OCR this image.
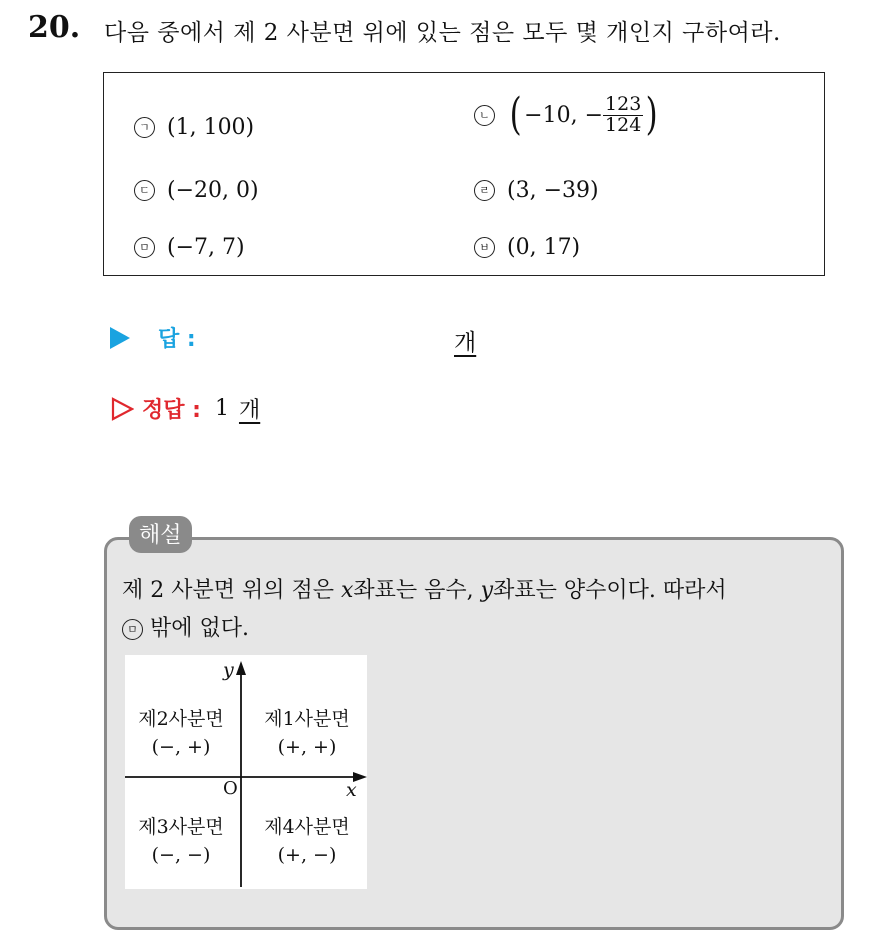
20. 다음 중에서 제 2 사분면 위에 있는 점은 모두 몇 개인지 구하여라.
ㄱ (1, 100)	ㄴ ( −10, − $\frac{123}{124}$ )
ㄷ (−20, 0)	ㄹ (3, −39)
ㅁ (−7, 7)	ㅂ (0, 17)
답 :	개
정답 : 1 개
해설
제 2 사분면 위의 점은 x좌표는 음수, y좌표는 양수이다. 따라서
ㅁ 밖에 없다.
y
x
O
제2사분면
(−, +)
제1사분면
(+, +)
제3사분면
(−, −)
제4사분면
(+, −)
